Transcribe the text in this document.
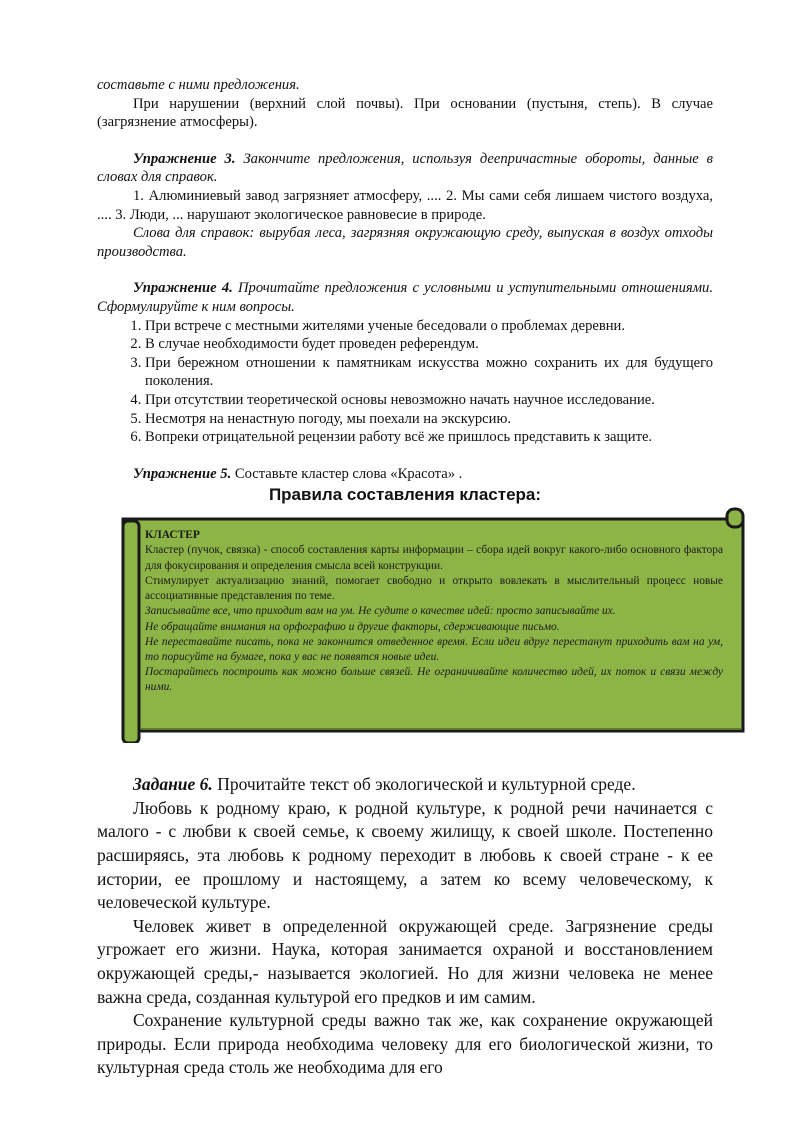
составьте с ними предложения.

При нарушении (верхний слой почвы). При основании (пустыня, степь). В случае (загрязнение атмосферы).

Упражнение 3. Закончите предложения, используя деепричастные обороты, данные в словах для справок.

1. Алюминиевый завод загрязняет атмосферу, .... 2. Мы сами себя лишаем чистого воздуха, .... 3. Люди, ... нарушают экологическое равновесие в природе.

Слова для справок: вырубая леса, загрязняя окружающую среду, выпуская в воздух отходы производства.

Упражнение 4. Прочитайте предложения с условными и уступительными отношениями. Сформулируйте к ним вопросы.

1. При встрече с местными жителями ученые беседовали о проблемах деревни.
2. В случае необходимости будет проведен референдум.
3. При бережном отношении к памятникам искусства можно сохранить их для будущего поколения.
4. При отсутствии теоретической основы невозможно начать научное исследование.
5. Несмотря на ненастную погоду, мы поехали на экскурсию.
6. Вопреки отрицательной рецензии работу всё же пришлось представить к защите.

Упражнение 5. Составьте кластер слова «Красота» .

Правила составления кластера:

КЛАСТЕР

Кластер (пучок, связка) - способ составления карты информации – сбора идей вокруг какого-либо основного фактора для фокусирования и определения смысла всей конструкции.

Стимулирует актуализацию знаний, помогает свободно и открыто вовлекать в мыслительный процесс новые ассоциативные представления по теме.

Записывайте все, что приходит вам на ум. Не судите о качестве идей: просто записывайте их.

Не обращайте внимания на орфографию и другие факторы, сдерживающие письмо.

Не переставайте писать, пока не закончится отведенное время. Если идеи вдруг перестанут приходить вам на ум, то порисуйте на бумаге, пока у вас не появятся новые идеи.

Постарайтесь построить как можно больше связей. Не ограничивайте количество идей, их поток и связи между ними.

Задание 6. Прочитайте текст об экологической и культурной среде.

Любовь к родному краю, к родной культуре, к родной речи начинается с малого - с любви к своей семье, к своему жилищу, к своей школе. Постепенно расширяясь, эта любовь к родному переходит в любовь к своей стране - к ее истории, ее прошлому и настоящему, а затем ко всему человеческому, к человеческой культуре.

Человек живет в определенной окружающей среде. Загрязнение среды угрожает его жизни. Наука, которая занимается охраной и восстановлением окружающей среды,- называется экологией. Но для жизни человека не менее важна среда, созданная культурой его предков и им самим.

Сохранение культурной среды важно так же, как сохранение окружающей природы. Если природа необходима человеку для его биологической жизни, то культурная среда столь же необходима для его
